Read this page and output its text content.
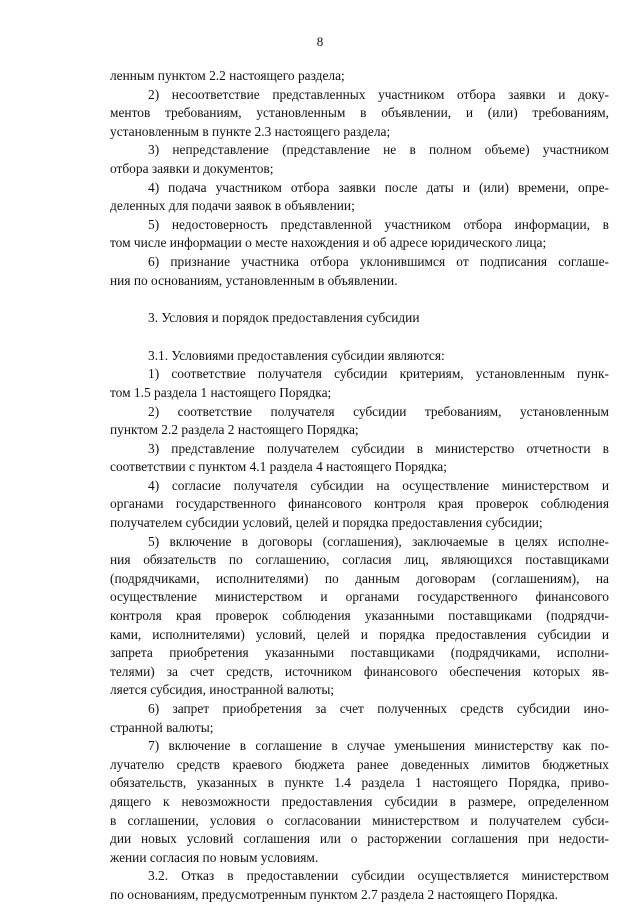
8
ленным пунктом 2.2 настоящего раздела;
2) несоответствие представленных участником отбора заявки и доку-
ментов требованиям, установленным в объявлении, и (или) требованиям,
установленным в пункте 2.3 настоящего раздела;
3) непредставление (представление не в полном объеме) участником
отбора заявки и документов;
4) подача участником отбора заявки после даты и (или) времени, опре-
деленных для подачи заявок в объявлении;
5) недостоверность представленной участником отбора информации, в
том числе информации о месте нахождения и об адресе юридического лица;
6) признание участника отбора уклонившимся от подписания соглаше-
ния по основаниям, установленным в объявлении.
3. Условия и порядок предоставления субсидии
3.1. Условиями предоставления субсидии являются:
1) соответствие получателя субсидии критериям, установленным пунк-
том 1.5 раздела 1 настоящего Порядка;
2) соответствие получателя субсидии требованиям, установленным
пунктом 2.2 раздела 2 настоящего Порядка;
3) представление получателем субсидии в министерство отчетности в
соответствии с пунктом 4.1 раздела 4 настоящего Порядка;
4) согласие получателя субсидии на осуществление министерством и
органами государственного финансового контроля края проверок соблюдения
получателем субсидии условий, целей и порядка предоставления субсидии;
5) включение в договоры (соглашения), заключаемые в целях исполне-
ния обязательств по соглашению, согласия лиц, являющихся поставщиками
(подрядчиками, исполнителями) по данным договорам (соглашениям), на
осуществление министерством и органами государственного финансового
контроля края проверок соблюдения указанными поставщиками (подрядчи-
ками, исполнителями) условий, целей и порядка предоставления субсидии и
запрета приобретения указанными поставщиками (подрядчиками, исполни-
телями) за счет средств, источником финансового обеспечения которых яв-
ляется субсидия, иностранной валюты;
6) запрет приобретения за счет полученных средств субсидии ино-
странной валюты;
7) включение в соглашение в случае уменьшения министерству как по-
лучателю средств краевого бюджета ранее доведенных лимитов бюджетных
обязательств, указанных в пункте 1.4 раздела 1 настоящего Порядка, приво-
дящего к невозможности предоставления субсидии в размере, определенном
в соглашении, условия о согласовании министерством и получателем субси-
дии новых условий соглашения или о расторжении соглашения при недости-
жении согласия по новым условиям.
3.2. Отказ в предоставлении субсидии осуществляется министерством
по основаниям, предусмотренным пунктом 2.7 раздела 2 настоящего Порядка.
